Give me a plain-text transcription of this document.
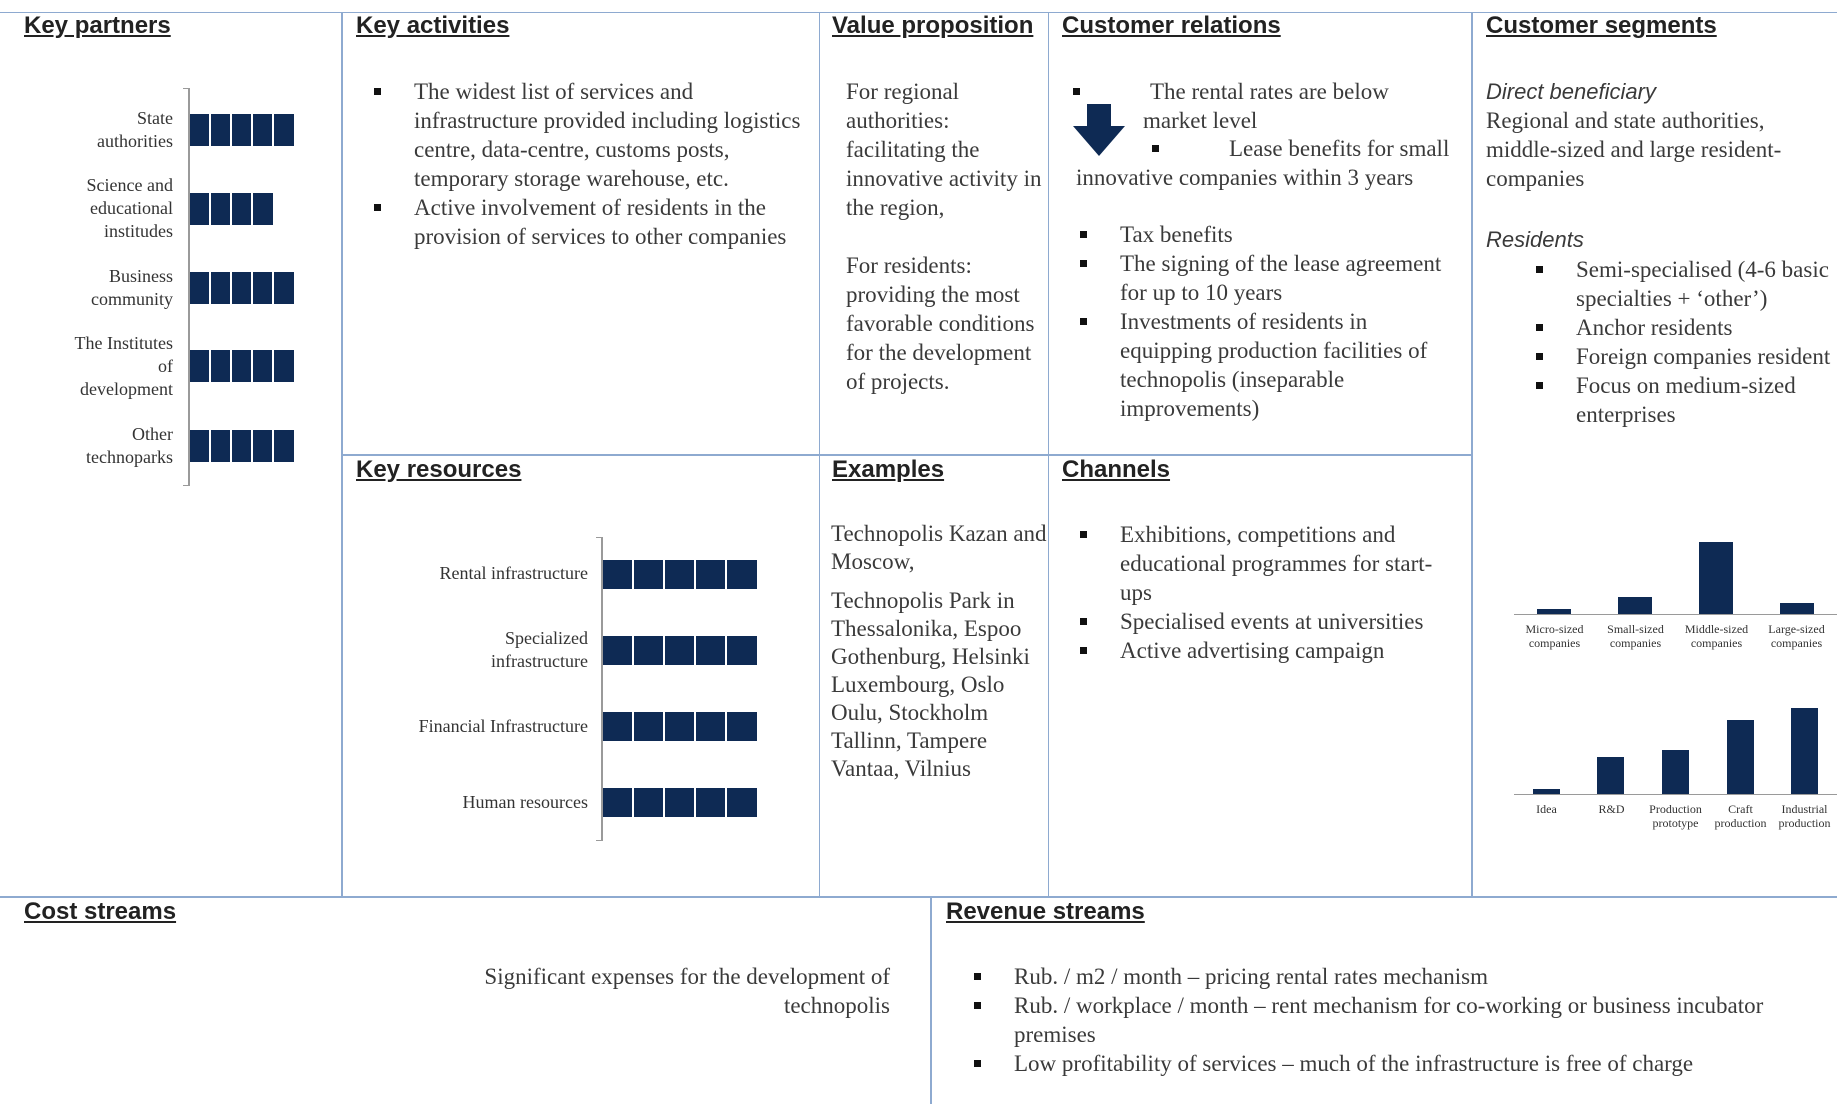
Key partners
State
authorities
Science and
educational
institudes
Business
community
The Institutes
of
development
Other
technoparks
Key activities
The widest list of services and infrastructure provided including logistics centre, data-centre, customs posts, temporary storage warehouse, etc.
Active involvement of residents in the provision of services to other companies
Value proposition

For regional authorities: facilitating the innovative activity in the region,

For residents: providing the most favorable conditions for the development of projects.

Customer relations
The rental rates are below market level
Lease benefits for small innovative companies within 3 years
Tax benefits
The signing of the lease agreement for up to 10 years
Investments of residents in equipping production facilities of technopolis (inseparable improvements)
Customer segments
Direct beneficiary
Regional and state authorities, middle-sized and large resident-companies
Residents
Semi-specialised (4-6 basic specialties + ‘other’)
Anchor residents
Foreign companies resident
Focus on medium-sized enterprises
Micro-sized
companies
Small-sized
companies
Middle-sized
companies
Large-sized
companies
Idea	R&D	Production
prototype
Craft
production
Industrial
production
Key resources
Rental infrastructure
Specialized
infrastructure
Financial Infrastructure
Human resources
Examples

Technopolis Kazan and Moscow,

Technopolis Park in Thessalonika, Espoo Gothenburg, Helsinki Luxembourg, Oslo Oulu, Stockholm Tallinn, Tampere Vantaa, Vilnius

Channels
Exhibitions, competitions and educational programmes for start-ups
Specialised events at universities
Active advertising campaign
Cost streams
Significant expenses for the development of technopolis
Revenue streams
Rub. / m2 / month – pricing rental rates mechanism
Rub. / workplace / month – rent mechanism for co-working or business incubator premises
Low profitability of services – much of the infrastructure is free of charge
